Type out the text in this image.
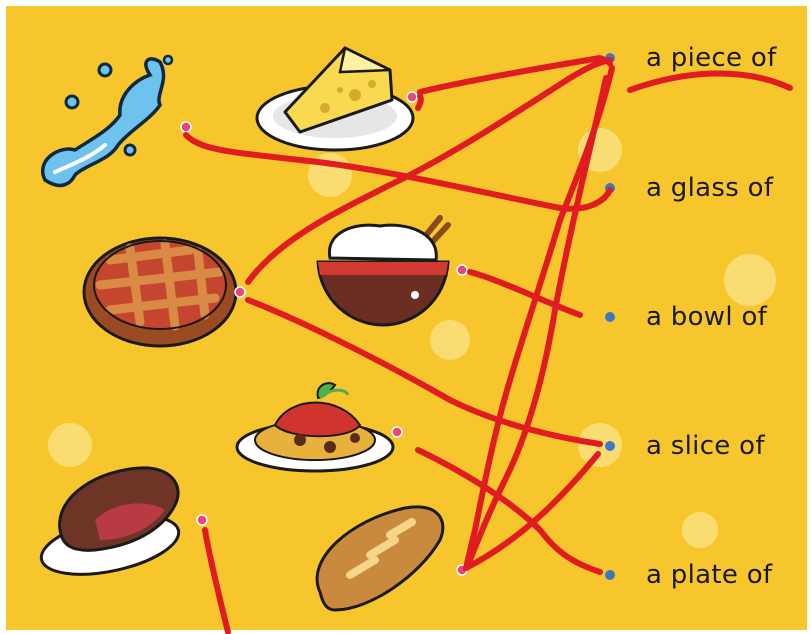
a piece of
a glass of
a bowl of
a slice of
a plate of
